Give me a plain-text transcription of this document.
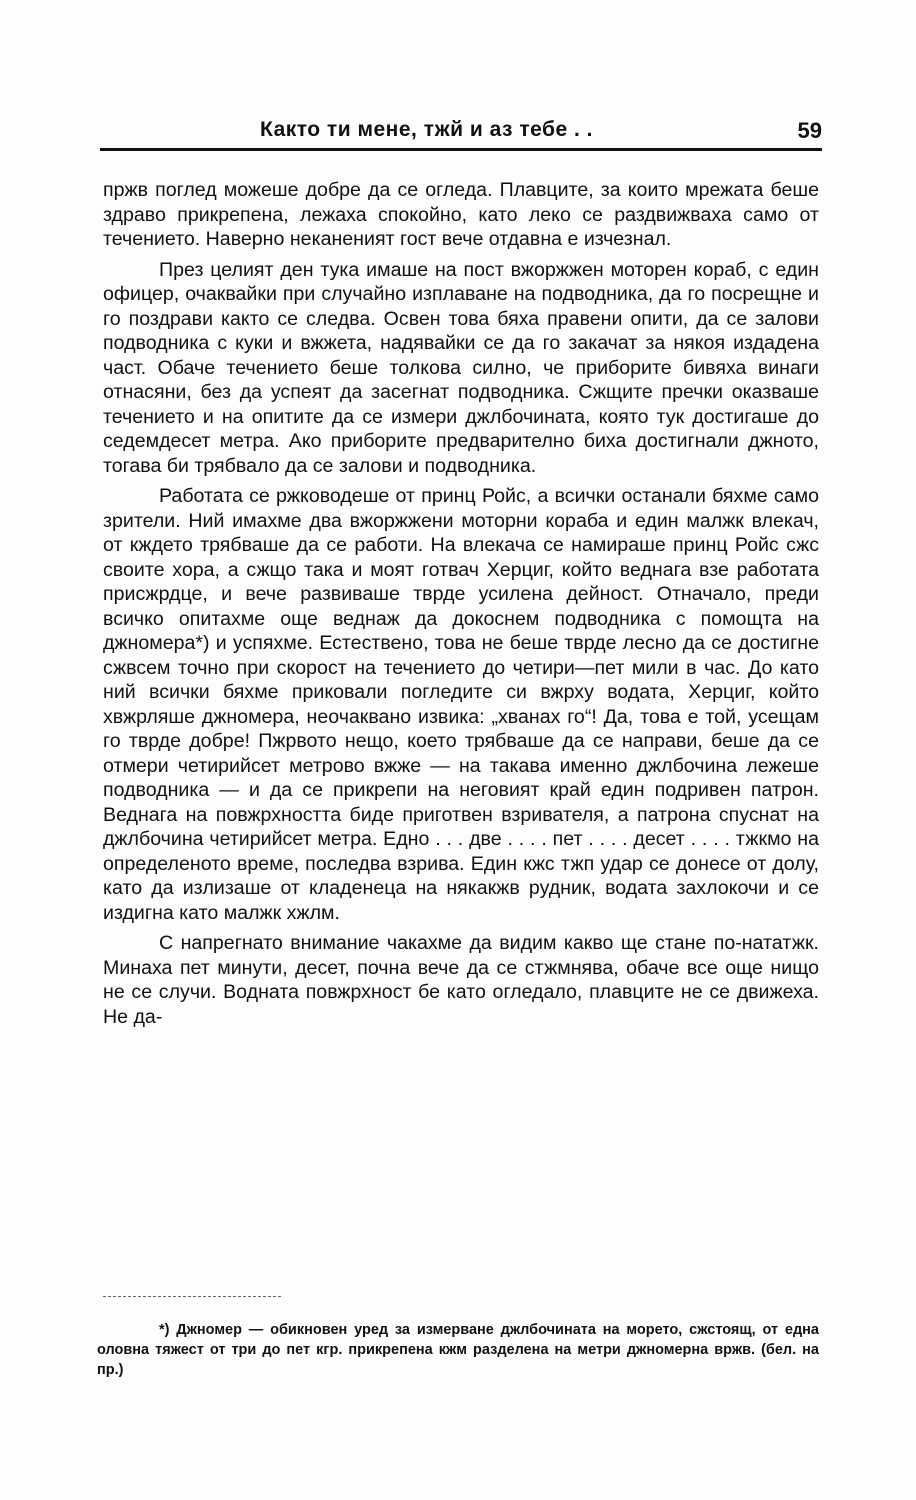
Както ти мене, тжй и аз тебе . .	59

пржв поглед можеше добре да се огледа. Плавците, за които мрежата беше здраво прикрепена, лежаха спокойно, като леко се раздвижваха само от течението. Наверно неканеният гост вече отдавна е изчезнал.

През целият ден тука имаше на пост вжоржжен моторен кораб, с един офицер, очаквайки при случайно изплаване на подводника, да го посрещне и го поздрави както се следва. Освен това бяха правени опити, да се залови подводника с куки и вжжета, надявайки се да го закачат за някоя издадена част. Обаче течението беше толкова силно, че приборите бивяха винаги отнасяни, без да успеят да засегнат подводника. Сжщите пречки оказваше течението и на опитите да се измери джлбочината, която тук достигаше до седемдесет метра. Ако приборите предварително биха достигнали джното, тогава би трябвало да се залови и подводника.

Работата се ржководеше от принц Ройс, а всички останали бяхме само зрители. Ний имахме два вжоржжени моторни кораба и един малжк влекач, от кждето трябваше да се работи. На влекача се намираше принц Ройс сжс своите хора, а сжщо така и моят готвач Херциг, който веднага взе работата присжрдце, и вече развиваше тврде усилена дейност. Отначало, преди всичко опитахме още веднаж да докоснем подводника с помощта на джномера*) и успяхме. Естествено, това не беше тврде лесно да се достигне сжвсем точно при скорост на течението до четири—пет мили в час. До като ний всички бяхме приковали погледите си вжрху водата, Херциг, който хвжрляше джномера, неочаквано извика: „хванах го“! Да, това е той, усещам го тврде добре! Пжрвото нещо, което трябваше да се направи, беше да се отмери четирийсет метрово вжже — на такава именно джлбочина лежеше подводника — и да се прикрепи на неговият край един подривен патрон. Веднага на повжрхността биде приготвен взривателя, а патрона спуснат на джлбочина четирийсет метра. Едно . . . две . . . . пет . . . . десет . . . . тжкмо на определеното време, последва взрива. Един кжс тжп удар се донесе от долу, като да излизаше от кладенеца на някакжв рудник, водата захлокочи и се издигна като малжк хжлм.

С напрегнато внимание чакахме да видим какво ще стане по-нататжк. Минаха пет минути, десет, почна вече да се стжмнява, обаче все още нищо не се случи. Водната повжрхност бе като огледало, плавците не се движеха. Не да-

*) Джномер — обикновен уред за измерване джлбочината на морето, сжстоящ, от една оловна тяжест от три до пет кгр. прикрепена кжм разделена на метри джномерна вржв. (бел. на пр.)
